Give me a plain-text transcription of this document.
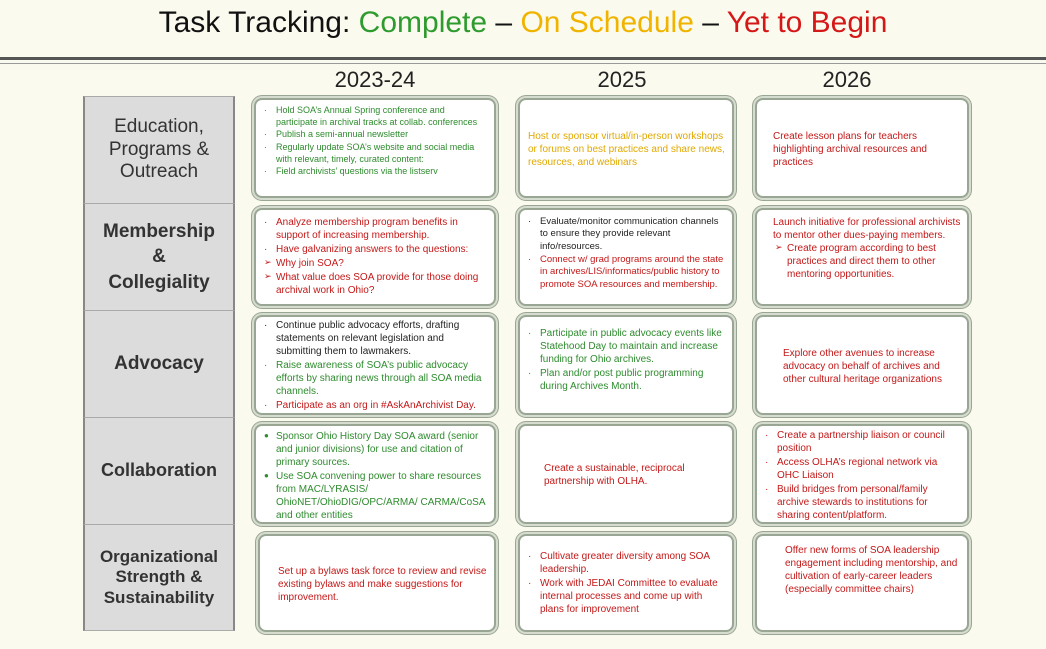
Task Tracking: Complete – On Schedule – Yet to Begin
2023-24	2025	2026
Education,
Programs &
Outreach
Membership
&
Collegiality
Advocacy
Collaboration
Organizational
Strength &
Sustainability
· Hold SOA’s Annual Spring conference and participate in archival tracks at collab. conferences
· Publish a semi-annual newsletter
· Regularly update SOA’s website and social media with relevant, timely, curated content:
· Field archivists’ questions via the listserv
Host or sponsor virtual/in-person workshops or forums on best practices and share news, resources, and webinars
Create lesson plans for teachers highlighting archival resources and practices
· Analyze membership program benefits in support of increasing membership.
· Have galvanizing answers to the questions:
➢ Why join SOA?
➢ What value does SOA provide for those doing archival work in Ohio?
· Evaluate/monitor communication channels to ensure they provide relevant info/resources.
· Connect w/ grad programs around the state in archives/LIS/informatics/public history to promote SOA resources and membership.
Launch initiative for professional archivists to mentor other dues-paying members.
➢ Create program according to best practices and direct them to other mentoring opportunities.
· Continue public advocacy efforts, drafting statements on relevant legislation and submitting them to lawmakers.
· Raise awareness of SOA’s public advocacy efforts by sharing news through all SOA media channels.
· Participate as an org in #AskAnArchivist Day.
· Participate in public advocacy events like Statehood Day to maintain and increase funding for Ohio archives.
· Plan and/or post public programming during Archives Month.
Explore other avenues to increase advocacy on behalf of archives and other cultural heritage organizations
● Sponsor Ohio History Day SOA award (senior and junior divisions) for use and citation of primary sources.
● Use SOA convening power to share resources from MAC/LYRASIS/ OhioNET/OhioDIG/OPC/ARMA/ CARMA/CoSA and other entities
Create a sustainable, reciprocal partnership with OLHA.
· Create a partnership liaison or council position
· Access OLHA’s regional network via OHC Liaison
· Build bridges from personal/family archive stewards to institutions for sharing content/platform.
Set up a bylaws task force to review and revise existing bylaws and make suggestions for improvement.
· Cultivate greater diversity among SOA leadership.
· Work with JEDAI Committee to evaluate internal processes and come up with plans for improvement
Offer new forms of SOA leadership engagement including mentorship, and cultivation of early-career leaders (especially committee chairs)
